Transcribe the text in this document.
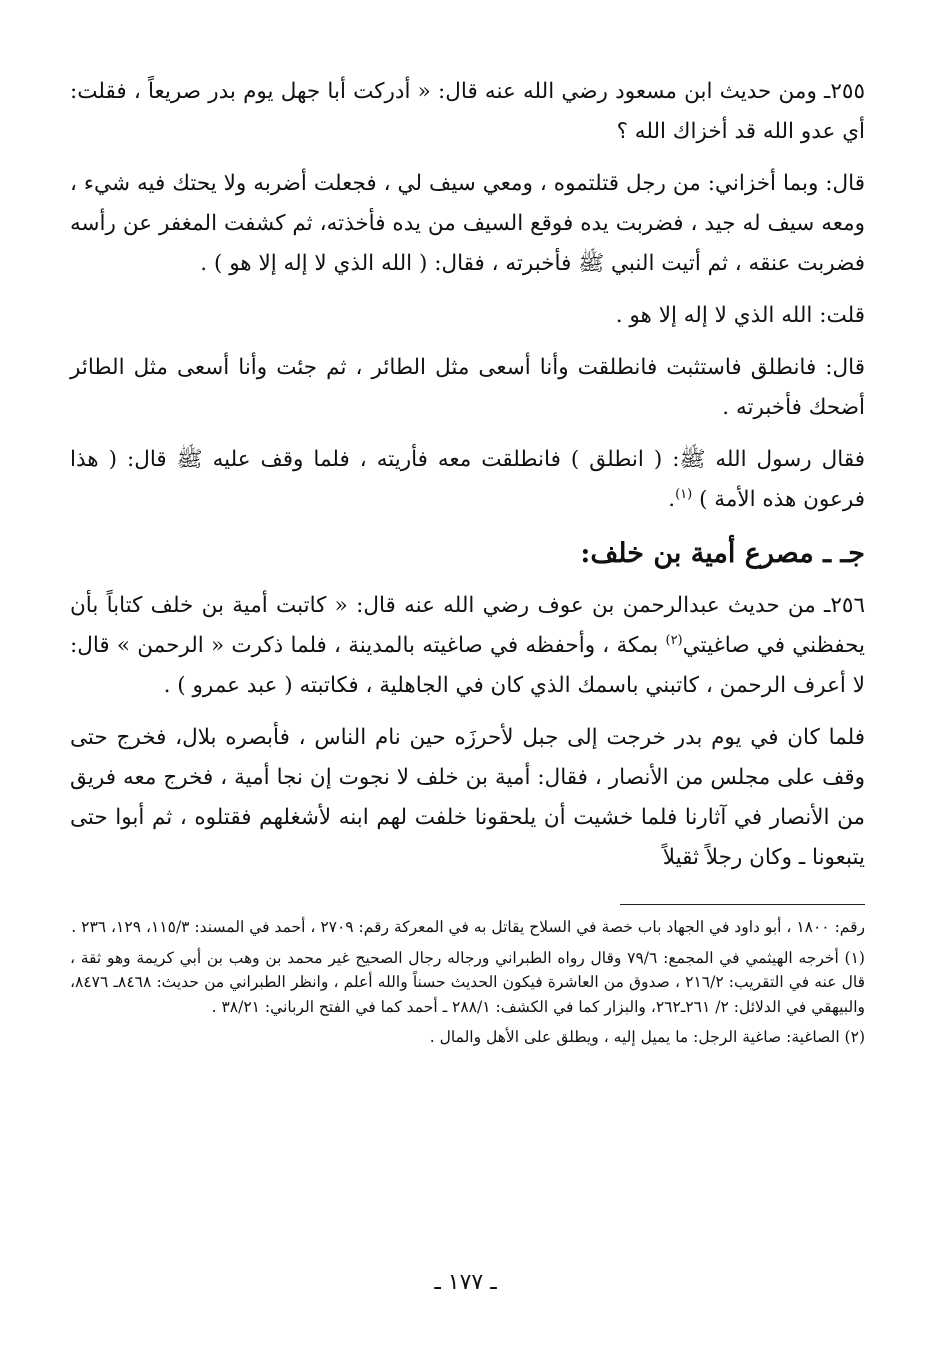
٢٥٥ـ ومن حديث ابن مسعود رضي الله عنه قال: « أدركت أبا جهل يوم بدر صريعاً ، فقلت: أي عدو الله قد أخزاك الله ؟

قال: وبما أخزاني: من رجل قتلتموه ، ومعي سيف لي ، فجعلت أضربه ولا يحتك فيه شيء ، ومعه سيف له جيد ، فضربت يده فوقع السيف من يده فأخذته، ثم كشفت المغفر عن رأسه فضربت عنقه ، ثم أتيت النبي ﷺ فأخبرته ، فقال: ( الله الذي لا إله إلا هو ) .

قلت: الله الذي لا إله إلا هو .

قال: فانطلق فاستثبت فانطلقت وأنا أسعى مثل الطائر ، ثم جئت وأنا أسعى مثل الطائر أضحك فأخبرته .

فقال رسول الله ﷺ: ( انطلق ) فانطلقت معه فأريته ، فلما وقف عليه ﷺ قال: ( هذا فرعون هذه الأمة ) $^{(١)}$.

جـ ـ مصرع أمية بن خلف:

٢٥٦ـ من حديث عبدالرحمن بن عوف رضي الله عنه قال: « كاتبت أمية بن خلف كتاباً بأن يحفظني في صاغيتي$^{(٢)}$ بمكة ، وأحفظه في صاغيته بالمدينة ، فلما ذكرت « الرحمن » قال: لا أعرف الرحمن ، كاتبني باسمك الذي كان في الجاهلية ، فكاتبته ( عبد عمرو ) .

فلما كان في يوم بدر خرجت إلى جبل لأحرزَه حين نام الناس ، فأبصره بلال، فخرج حتى وقف على مجلس من الأنصار ، فقال: أمية بن خلف لا نجوت إن نجا أمية ، فخرج معه فريق من الأنصار في آثارنا فلما خشيت أن يلحقونا خلفت لهم ابنه لأشغلهم فقتلوه ، ثم أبوا حتى يتبعونا ـ وكان رجلاً ثقيلاً

رقم: ١٨٠٠ ، أبو داود في الجهاد باب خصة في السلاح يقاتل به في المعركة رقم: ٢٧٠٩ ، أحمد في المسند: ١١٥/٣، ١٢٩، ٢٣٦ .

(١) أخرجه الهيثمي في المجمع: ٧٩/٦ وقال رواه الطبراني ورجاله رجال الصحيح غير محمد بن وهب بن أبي كريمة وهو ثقة ، قال عنه في التقريب: ٢١٦/٢ ، صدوق من العاشرة فيكون الحديث حسناً والله أعلم ، وانظر الطبراني من حديث: ٨٤٦٨ـ ٨٤٧٦، والبيهقي في الدلائل: ٢/ ٢٦١ـ٢٦٢، والبزار كما في الكشف: ٢٨٨/١ ـ أحمد كما في الفتح الرباني: ٣٨/٢١ .

(٢) الصاغية: صاغية الرجل: ما يميل إليه ، ويطلق على الأهل والمال .

ـ ١٧٧ ـ
